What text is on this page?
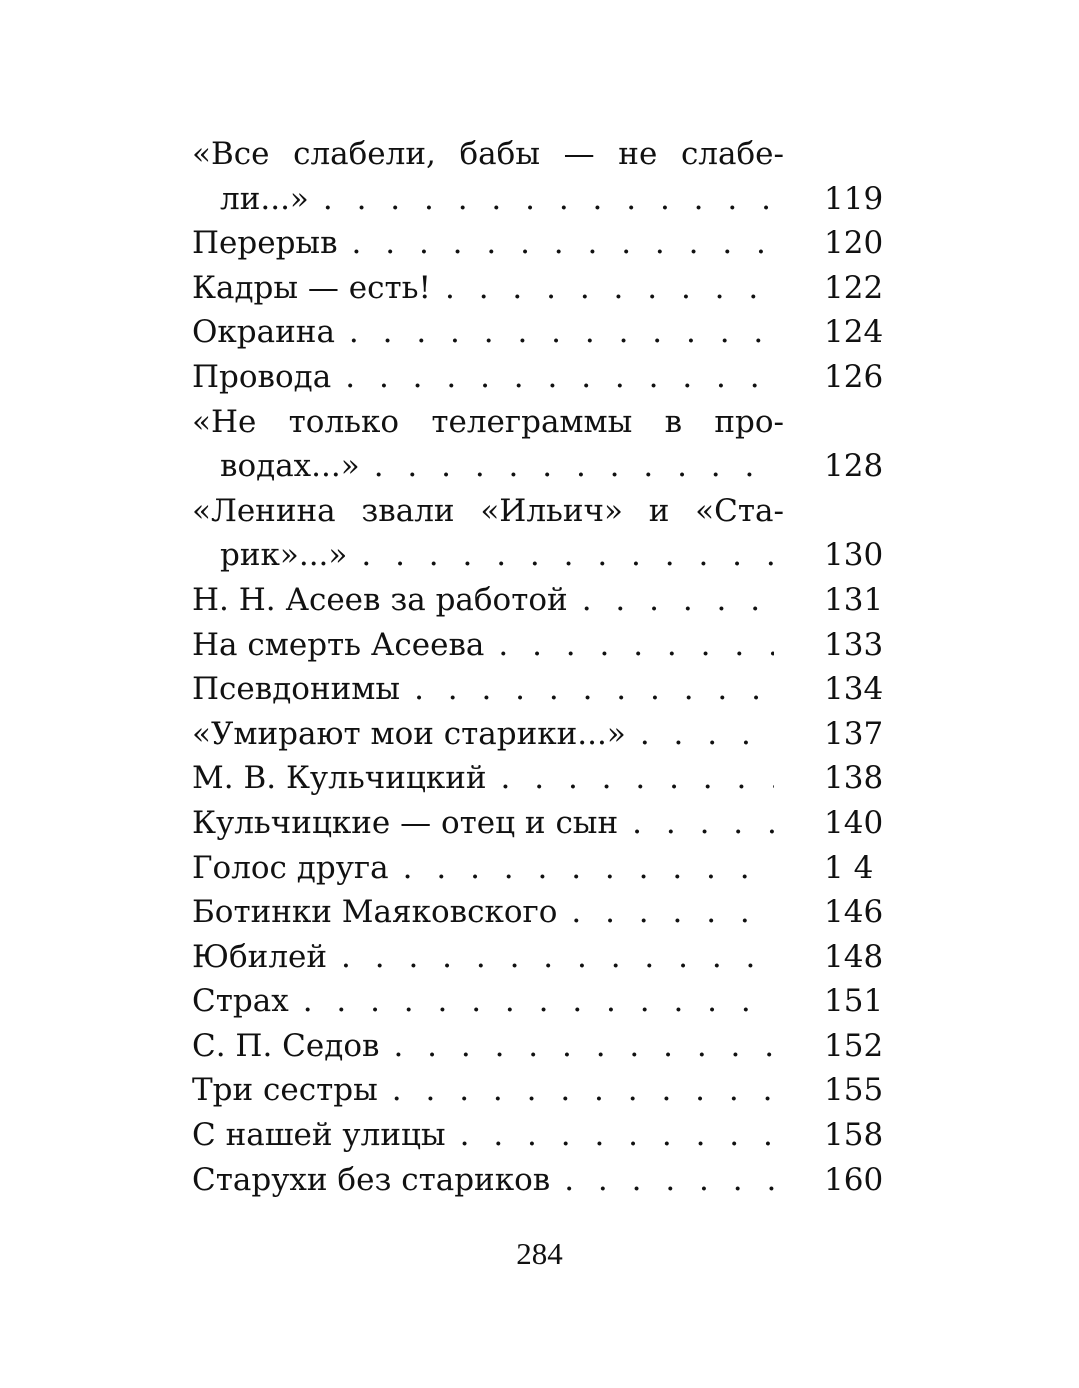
«Все слабели, бабы — не слабе-
ли...» . . .	119
Перерыв . . .	120
Кадры — есть! . . .	122
Окраина . . .	124
Провода . . .	126
«Не только телеграммы в про-
водах...» . . .	128
«Ленина звали «Ильич» и «Ста-
рик»...» . . .	130
Н. Н. Асеев за работой . . .	131
На смерть Асеева . . .	133
Псевдонимы . . .	134
«Умирают мои старики...» . . .	137
М. В. Кульчицкий . . .	138
Кульчицкие — отец и сын . . .	140
Голос друга . . .	1 4
Ботинки Маяковского . . .	146
Юбилей . . .	148
Страх . . .	151
С. П. Седов . . .	152
Три сестры . . .	155
С нашей улицы . . .	158
Старухи без стариков . . .	160
284
